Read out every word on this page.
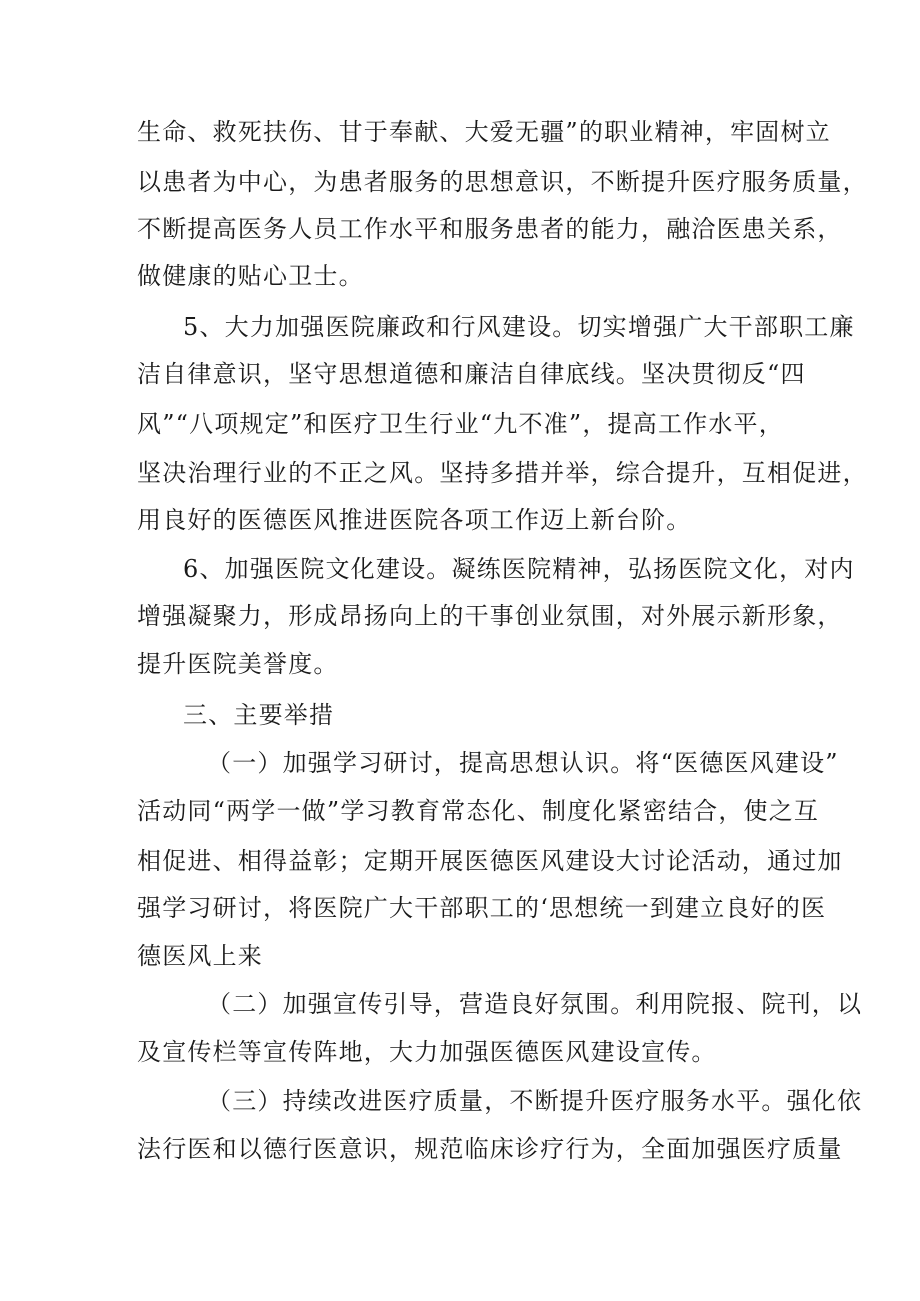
生命、救死扶伤、甘于奉献、大爱无疆”的职业精神，牢固树立
以患者为中心，为患者服务的思想意识，不断提升医疗服务质量，
不断提高医务人员工作水平和服务患者的能力，融洽医患关系，
做健康的贴心卫士。
5、大力加强医院廉政和行风建设。切实增强广大干部职工廉
洁自律意识，坚守思想道德和廉洁自律底线。坚决贯彻反“四
风”“八项规定”和医疗卫生行业“九不准”，提高工作水平，
坚决治理行业的不正之风。坚持多措并举，综合提升，互相促进，
用良好的医德医风推进医院各项工作迈上新台阶。
6、加强医院文化建设。凝练医院精神，弘扬医院文化，对内
增强凝聚力，形成昂扬向上的干事创业氛围，对外展示新形象，
提升医院美誉度。
三、主要举措
（一）加强学习研讨，提高思想认识。将“医德医风建设”
活动同“两学一做”学习教育常态化、制度化紧密结合，使之互
相促进、相得益彰；定期开展医德医风建设大讨论活动，通过加
强学习研讨，将医院广大干部职工的‘思想统一到建立良好的医
德医风上来
（二）加强宣传引导，营造良好氛围。利用院报、院刊，以
及宣传栏等宣传阵地，大力加强医德医风建设宣传。
（三）持续改进医疗质量，不断提升医疗服务水平。强化依
法行医和以德行医意识，规范临床诊疗行为，全面加强医疗质量
